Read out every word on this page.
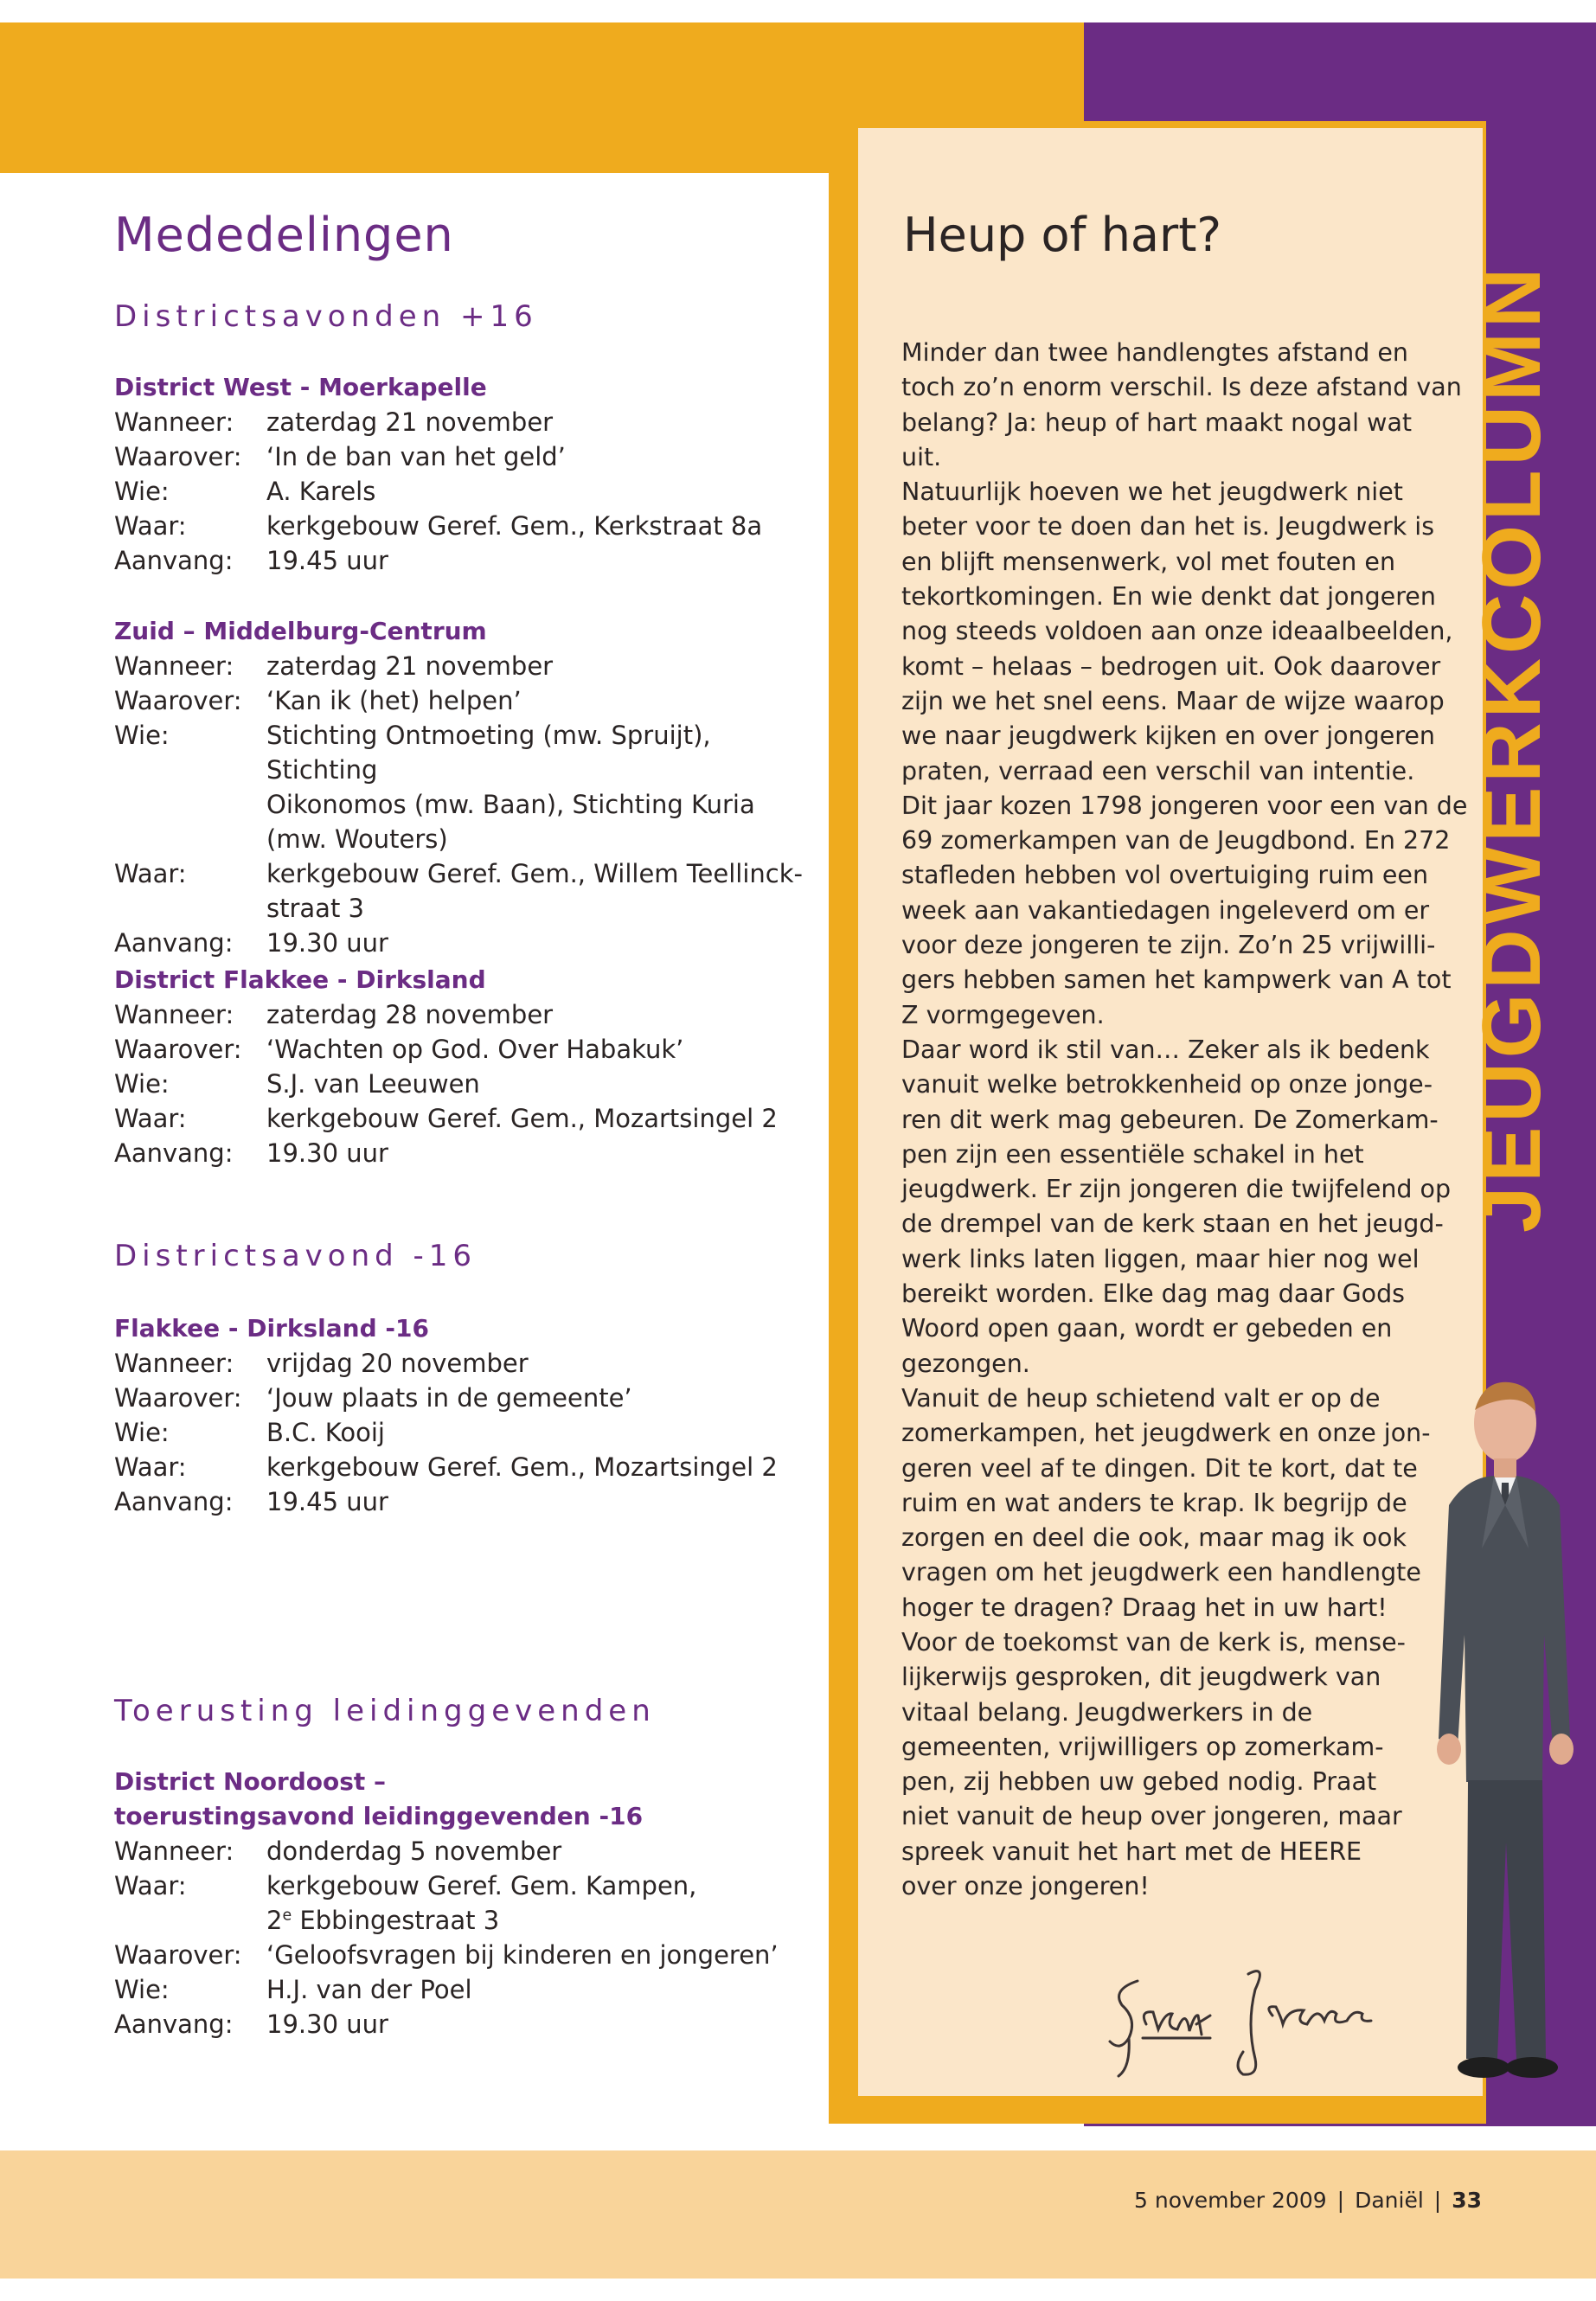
Mededelingen
Districtsavonden +16
District West - Moerkapelle
Wanneer:	zaterdag 21 november
Waarover: ‘In de ban van het geld’
Wie:	A. Karels
Waar:	kerkgebouw Geref. Gem., Kerkstraat 8a
Aanvang:	19.45 uur
Zuid – Middelburg-Centrum
Wanneer:	zaterdag 21 november
Waarover: ‘Kan ik (het) helpen’
Wie:	Stichting Ontmoeting (mw. Spruijt), Stichting
Oikonomos (mw. Baan), Stichting Kuria
(mw. Wouters)
Waar:	kerkgebouw Geref. Gem., Willem Teellinck-
straat 3
Aanvang:	19.30 uur
District Flakkee - Dirksland
Wanneer:	zaterdag 28 november
Waarover: ‘Wachten op God. Over Habakuk’
Wie:	S.J. van Leeuwen
Waar:	kerkgebouw Geref. Gem., Mozartsingel 2
Aanvang:	19.30 uur
Districtsavond -16
Flakkee - Dirksland -16
Wanneer:	vrijdag 20 november
Waarover: ‘Jouw plaats in de gemeente’
Wie:	B.C. Kooij
Waar:	kerkgebouw Geref. Gem., Mozartsingel 2
Aanvang:	19.45 uur
Toerusting leidinggevenden
District Noordoost –
toerustingsavond leidinggevenden -16
Wanneer:	donderdag 5 november
Waar:	kerkgebouw Geref. Gem. Kampen,
2e Ebbingestraat 3
Waarover: ‘Geloofsvragen bij kinderen en jongeren’
Wie:	H.J. van der Poel
Aanvang:	19.30 uur
Heup of hart?
Minder dan twee handlengtes afstand en
toch zo’n enorm verschil. Is deze afstand van
belang? Ja: heup of hart maakt nogal wat
uit.
Natuurlijk hoeven we het jeugdwerk niet
beter voor te doen dan het is. Jeugdwerk is
en blijft mensenwerk, vol met fouten en
tekortkomingen. En wie denkt dat jongeren
nog steeds voldoen aan onze ideaalbeelden,
komt – helaas – bedrogen uit. Ook daarover
zijn we het snel eens. Maar de wijze waarop
we naar jeugdwerk kijken en over jongeren
praten, verraad een verschil van intentie.
Dit jaar kozen 1798 jongeren voor een van de
69 zomerkampen van de Jeugdbond. En 272
stafleden hebben vol overtuiging ruim een
week aan vakantiedagen ingeleverd om er
voor deze jongeren te zijn. Zo’n 25 vrijwilli-
gers hebben samen het kampwerk van A tot
Z vormgegeven.
Daar word ik stil van… Zeker als ik bedenk
vanuit welke betrokkenheid op onze jonge-
ren dit werk mag gebeuren. De Zomerkam-
pen zijn een essentiële schakel in het
jeugdwerk. Er zijn jongeren die twijfelend op
de drempel van de kerk staan en het jeugd-
werk links laten liggen, maar hier nog wel
bereikt worden. Elke dag mag daar Gods
Woord open gaan, wordt er gebeden en
gezongen.
Vanuit de heup schietend valt er op de
zomerkampen, het jeugdwerk en onze jon-
geren veel af te dingen. Dit te kort, dat te
ruim en wat anders te krap. Ik begrijp de
zorgen en deel die ook, maar mag ik ook
vragen om het jeugdwerk een handlengte
hoger te dragen? Draag het in uw hart!
Voor de toekomst van de kerk is, mense-
lijkerwijs gesproken, dit jeugdwerk van
vitaal belang. Jeugdwerkers in de
gemeenten, vrijwilligers op zomerkam-
pen, zij hebben uw gebed nodig. Praat
niet vanuit de heup over jongeren, maar
spreek vanuit het hart met de HEERE
over onze jongeren!
JEUGDWERKCOLUMN
5 november 2009 | Daniël | 33
